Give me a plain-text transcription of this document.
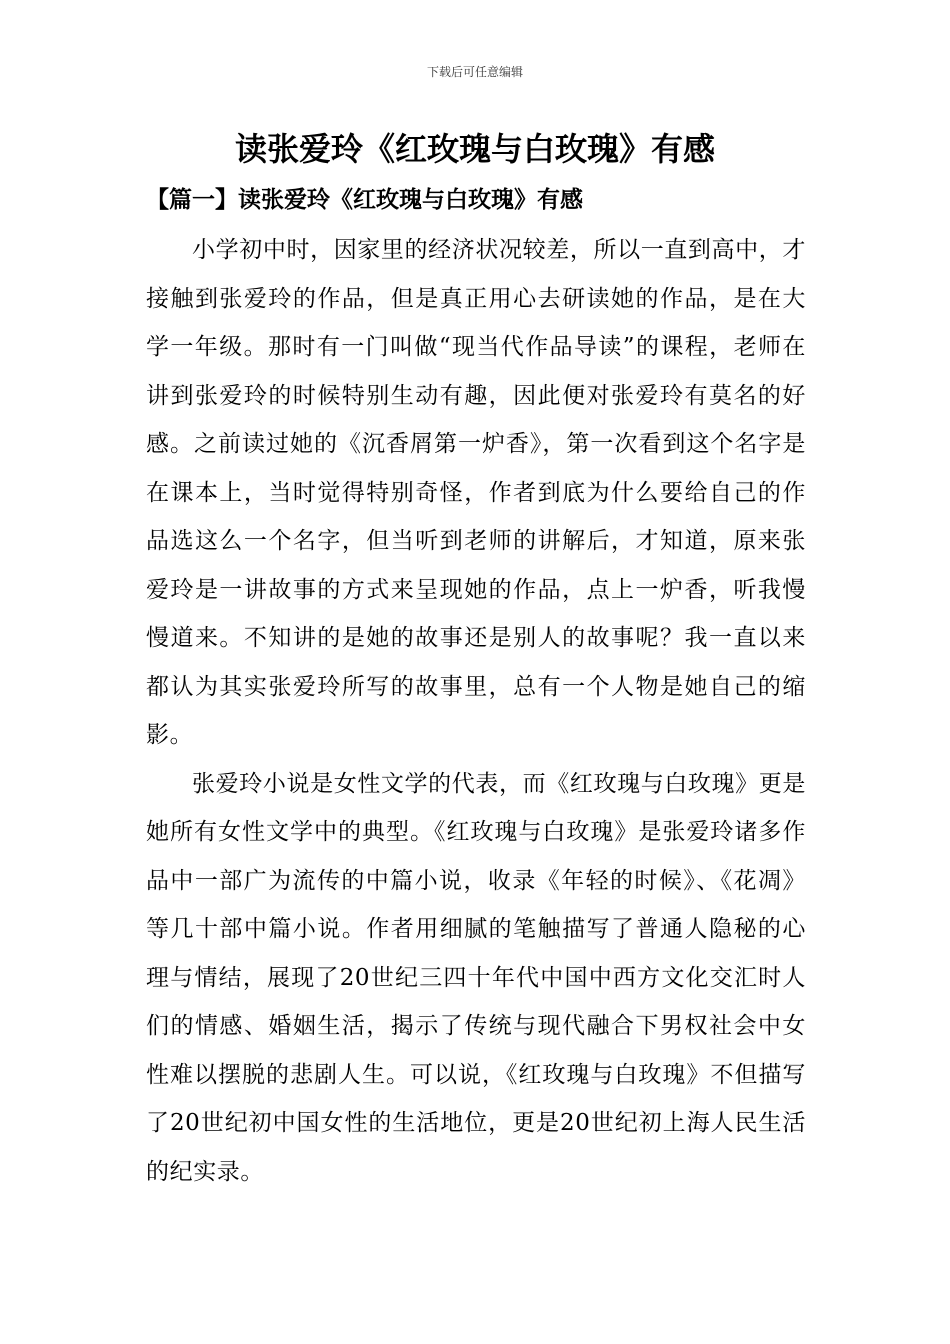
下载后可任意编辑
读张爱玲《红玫瑰与白玫瑰》有感
【篇一】读张爱玲《红玫瑰与白玫瑰》有感

小学初中时，因家里的经济状况较差，所以一直到高中，才接触到张爱玲的作品，但是真正用心去研读她的作品，是在大学一年级。那时有一门叫做“现当代作品导读”的课程，老师在讲到张爱玲的时候特别生动有趣，因此便对张爱玲有莫名的好感。之前读过她的《沉香屑第一炉香》，第一次看到这个名字是在课本上，当时觉得特别奇怪，作者到底为什么要给自己的作品选这么一个名字，但当听到老师的讲解后，才知道，原来张爱玲是一讲故事的方式来呈现她的作品，点上一炉香，听我慢慢道来。不知讲的是她的故事还是别人的故事呢？我一直以来都认为其实张爱玲所写的故事里，总有一个人物是她自己的缩影。

张爱玲小说是女性文学的代表，而《红玫瑰与白玫瑰》更是她所有女性文学中的典型。《红玫瑰与白玫瑰》是张爱玲诸多作品中一部广为流传的中篇小说，收录《年轻的时候》、《花凋》等几十部中篇小说。作者用细腻的笔触描写了普通人隐秘的心理与情结，展现了20世纪三四十年代中国中西方文化交汇时人们的情感、婚姻生活，揭示了传统与现代融合下男权社会中女性难以摆脱的悲剧人生。可以说，《红玫瑰与白玫瑰》不但描写了20世纪初中国女性的生活地位，更是20世纪初上海人民生活的纪实录。
